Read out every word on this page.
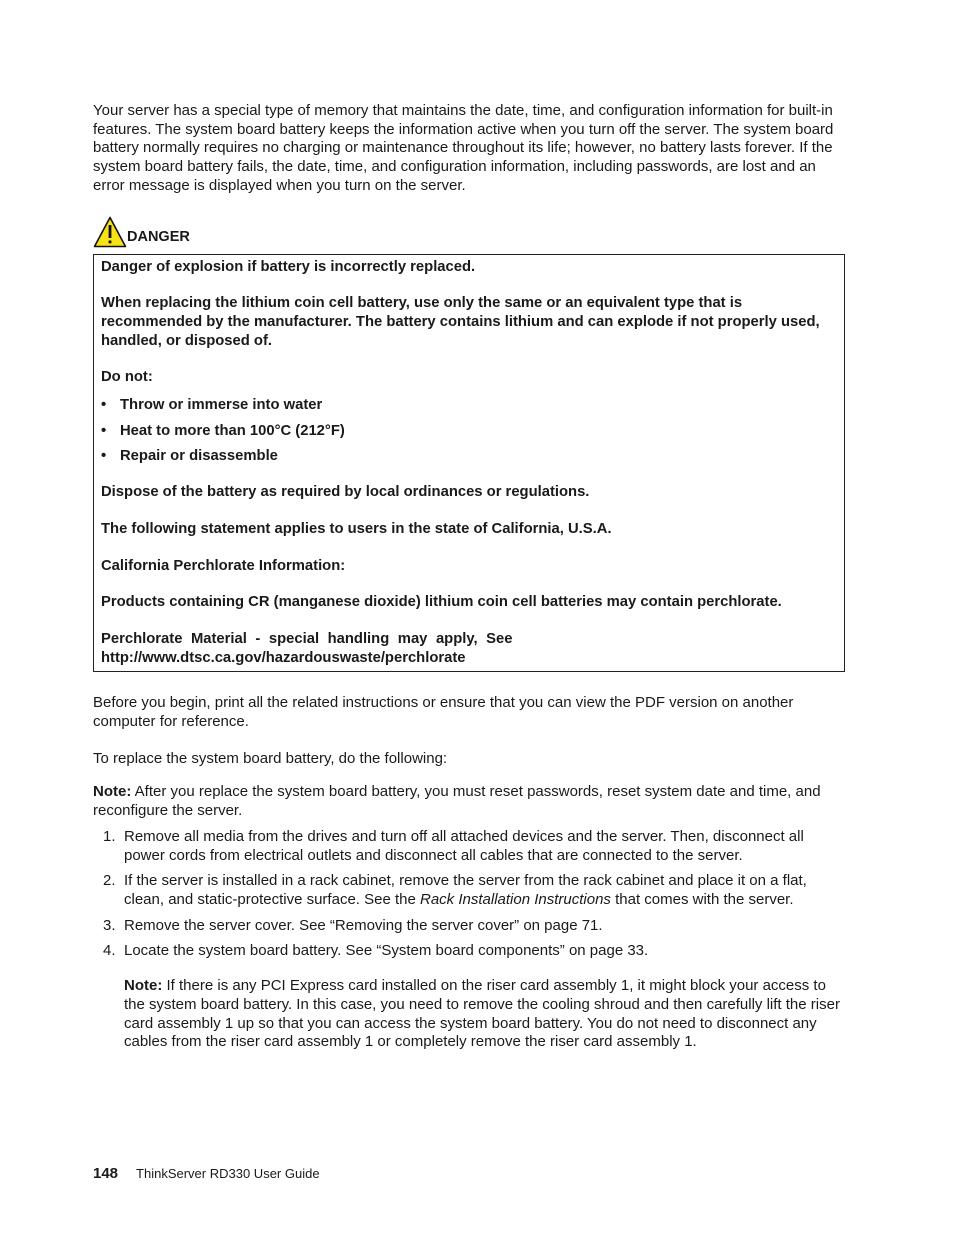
Your server has a special type of memory that maintains the date, time, and configuration information for built-in features. The system board battery keeps the information active when you turn off the server. The system board battery normally requires no charging or maintenance throughout its life; however, no battery lasts forever. If the system board battery fails, the date, time, and configuration information, including passwords, are lost and an error message is displayed when you turn on the server.

DANGER

Danger of explosion if battery is incorrectly replaced.

When replacing the lithium coin cell battery, use only the same or an equivalent type that is recommended by the manufacturer. The battery contains lithium and can explode if not properly used, handled, or disposed of.

Do not:

• Throw or immerse into water
• Heat to more than 100°C (212°F)
• Repair or disassemble

Dispose of the battery as required by local ordinances or regulations.

The following statement applies to users in the state of California, U.S.A.

California Perchlorate Information:

Products containing CR (manganese dioxide) lithium coin cell batteries may contain perchlorate.

Perchlorate Material - special handling may apply, See

http://www.dtsc.ca.gov/hazardouswaste/perchlorate

Before you begin, print all the related instructions or ensure that you can view the PDF version on another computer for reference.

To replace the system board battery, do the following:

Note: After you replace the system board battery, you must reset passwords, reset system date and time, and reconfigure the server.

1. Remove all media from the drives and turn off all attached devices and the server. Then, disconnect all power cords from electrical outlets and disconnect all cables that are connected to the server.
2. If the server is installed in a rack cabinet, remove the server from the rack cabinet and place it on a flat, clean, and static-protective surface. See the Rack Installation Instructions that comes with the server.
3. Remove the server cover. See “Removing the server cover” on page 71.
4. Locate the system board battery. See “System board components” on page 33.

Note: If there is any PCI Express card installed on the riser card assembly 1, it might block your access to the system board battery. In this case, you need to remove the cooling shroud and then carefully lift the riser card assembly 1 up so that you can access the system board battery. You do not need to disconnect any cables from the riser card assembly 1 or completely remove the riser card assembly 1.

148 ThinkServer RD330 User Guide
